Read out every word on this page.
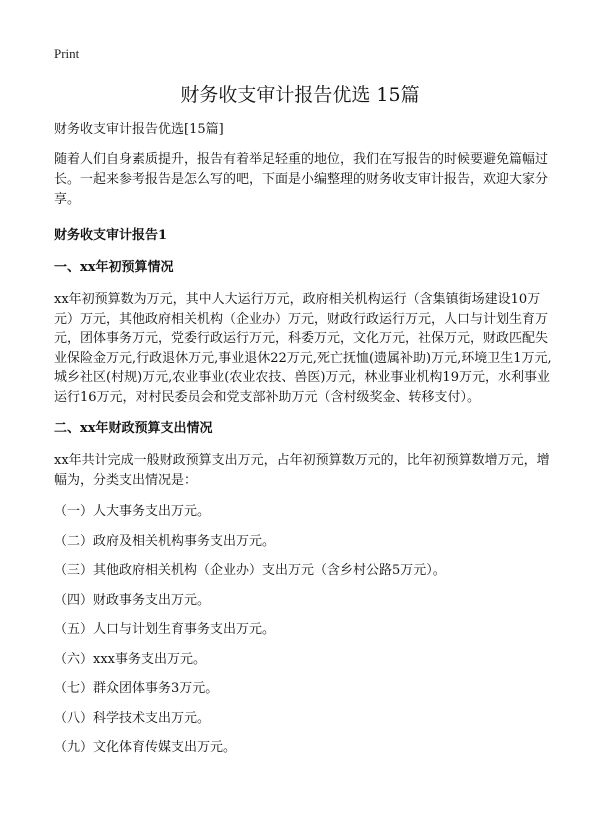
Print
财务收支审计报告优选 15篇

财务收支审计报告优选[15篇]

随着人们自身素质提升，报告有着举足轻重的地位，我们在写报告的时候要避免篇幅过长。一起来参考报告是怎么写的吧，下面是小编整理的财务收支审计报告，欢迎大家分享。

财务收支审计报告1

一、xx年初预算情况

xx年初预算数为万元，其中人大运行万元，政府相关机构运行（含集镇街场建设10万元）万元，其他政府相关机构（企业办）万元，财政行政运行万元，人口与计划生育万元，团体事务万元，党委行政运行万元，科委万元，文化万元，社保万元，财政匹配失业保险金万元,行政退休万元,事业退休22万元,死亡抚恤(遗属补助)万元,环境卫生1万元,城乡社区(村规)万元,农业事业(农业农技、兽医)万元，林业事业机构19万元，水利事业运行16万元，对村民委员会和党支部补助万元（含村级奖金、转移支付）。

二、xx年财政预算支出情况

xx年共计完成一般财政预算支出万元，占年初预算数万元的，比年初预算数增万元，增幅为，分类支出情况是：

（一）人大事务支出万元。

（二）政府及相关机构事务支出万元。

（三）其他政府相关机构（企业办）支出万元（含乡村公路5万元）。

（四）财政事务支出万元。

（五）人口与计划生育事务支出万元。

（六）xxx事务支出万元。

（七）群众团体事务3万元。

（八）科学技术支出万元。

（九）文化体育传媒支出万元。
